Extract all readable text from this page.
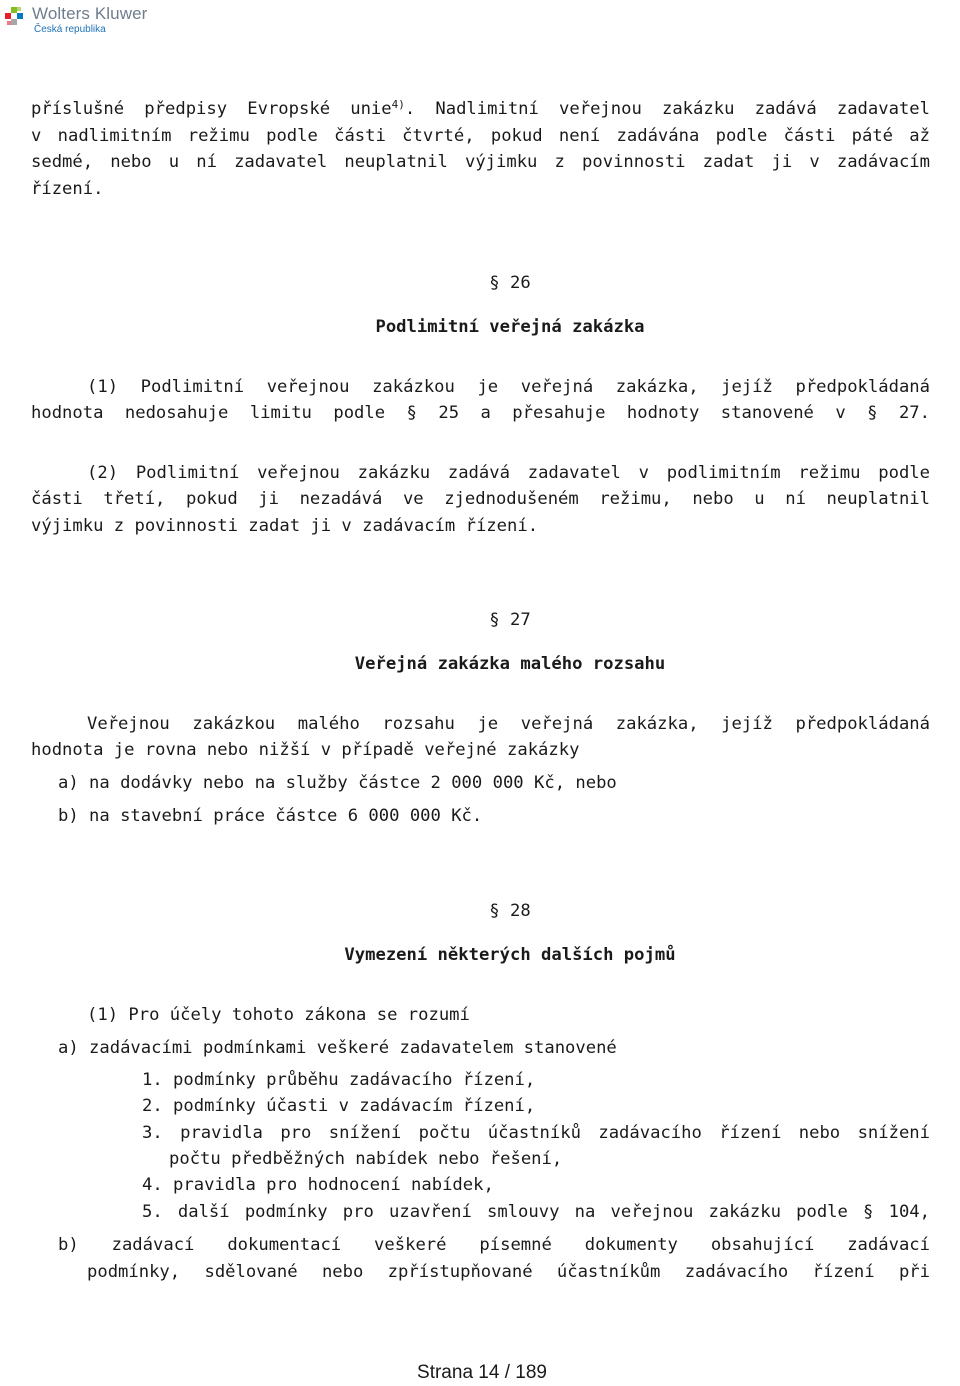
Wolters Kluwer
Česká republika
příslušné předpisy Evropské unie$^{4)}$. Nadlimitní veřejnou zakázku zadává zadavatel
v nadlimitním režimu podle části čtvrté, pokud není zadávána podle části páté až
sedmé, nebo u ní zadavatel neuplatnil výjimku z povinnosti zadat ji v zadávacím
řízení.
§ 26
Podlimitní veřejná zakázka
(1) Podlimitní veřejnou zakázkou je veřejná zakázka, jejíž předpokládaná
hodnota nedosahuje limitu podle § 25 a přesahuje hodnoty stanovené v § 27.
(2) Podlimitní veřejnou zakázku zadává zadavatel v podlimitním režimu podle
části třetí, pokud ji nezadává ve zjednodušeném režimu, nebo u ní neuplatnil
výjimku z povinnosti zadat ji v zadávacím řízení.
§ 27
Veřejná zakázka malého rozsahu
Veřejnou zakázkou malého rozsahu je veřejná zakázka, jejíž předpokládaná
hodnota je rovna nebo nižší v případě veřejné zakázky
a) na dodávky nebo na služby částce 2 000 000 Kč, nebo
b) na stavební práce částce 6 000 000 Kč.
§ 28
Vymezení některých dalších pojmů
(1) Pro účely tohoto zákona se rozumí
a) zadávacími podmínkami veškeré zadavatelem stanovené
1. podmínky průběhu zadávacího řízení,
2. podmínky účasti v zadávacím řízení,
3. pravidla pro snížení počtu účastníků zadávacího řízení nebo snížení
počtu předběžných nabídek nebo řešení,
4. pravidla pro hodnocení nabídek,
5. další podmínky pro uzavření smlouvy na veřejnou zakázku podle § 104,
b) zadávací dokumentací veškeré písemné dokumenty obsahující zadávací
podmínky, sdělované nebo zpřístupňované účastníkům zadávacího řízení při
Strana 14 / 189
